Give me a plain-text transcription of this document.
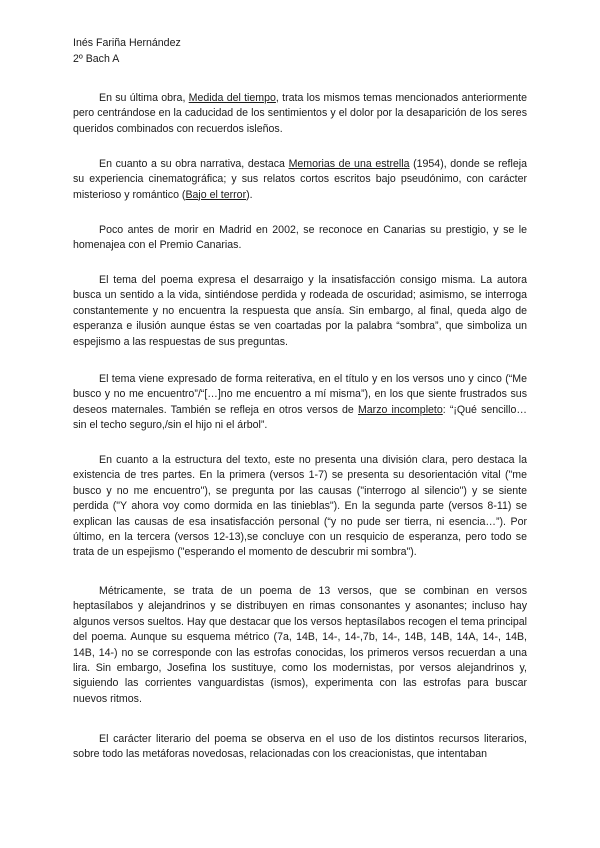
Inés Fariña Hernández
2º Bach A

En su última obra, Medida del tiempo, trata los mismos temas mencionados anteriormente pero centrándose en la caducidad de los sentimientos y el dolor por la desaparición de los seres queridos combinados con recuerdos isleños.

En cuanto a su obra narrativa, destaca Memorias de una estrella (1954), donde se refleja su experiencia cinematográfica; y sus relatos cortos escritos bajo pseudónimo, con carácter misterioso y romántico (Bajo el terror).

Poco antes de morir en Madrid en 2002, se reconoce en Canarias su prestigio, y se le homenajea con el Premio Canarias.

El tema del poema expresa el desarraigo y la insatisfacción consigo misma. La autora busca un sentido a la vida, sintiéndose perdida y rodeada de oscuridad; asimismo, se interroga constantemente y no encuentra la respuesta que ansía. Sin embargo, al final, queda algo de esperanza e ilusión aunque éstas se ven coartadas por la palabra “sombra”, que simboliza un espejismo a las respuestas de sus preguntas.

El tema viene expresado de forma reiterativa, en el título y en los versos uno y cinco (“Me busco y no me encuentro”/“[…]no me encuentro a mí misma”), en los que siente frustrados sus deseos maternales. También se refleja en otros versos de Marzo incompleto: “¡Qué sencillo… sin el techo seguro,/sin el hijo ni el árbol”.

En cuanto a la estructura del texto, este no presenta una división clara, pero destaca la existencia de tres partes. En la primera (versos 1-7) se presenta su desorientación vital ("me busco y no me encuentro"), se pregunta por las causas ("interrogo al silencio") y se siente perdida ("Y ahora voy como dormida en las tinieblas"). En la segunda parte (versos 8-11) se explican las causas de esa insatisfacción personal (“y no pude ser tierra, ni esencia…”). Por último, en la tercera (versos 12-13),se concluye con un resquicio de esperanza, pero todo se trata de un espejismo ("esperando el momento de descubrir mi sombra").

Métricamente, se trata de un poema de 13 versos, que se combinan en versos heptasílabos y alejandrinos y se distribuyen en rimas consonantes y asonantes; incluso hay algunos versos sueltos. Hay que destacar que los versos heptasílabos recogen el tema principal del poema. Aunque su esquema métrico (7a, 14B, 14-, 14-,7b, 14-, 14B, 14B, 14A, 14-, 14B, 14B, 14-) no se corresponde con las estrofas conocidas, los primeros versos recuerdan a una lira. Sin embargo, Josefina los sustituye, como los modernistas, por versos alejandrinos y, siguiendo las corrientes vanguardistas (ismos), experimenta con las estrofas para buscar nuevos ritmos.

El carácter literario del poema se observa en el uso de los distintos recursos literarios, sobre todo las metáforas novedosas, relacionadas con los creacionistas, que intentaban
